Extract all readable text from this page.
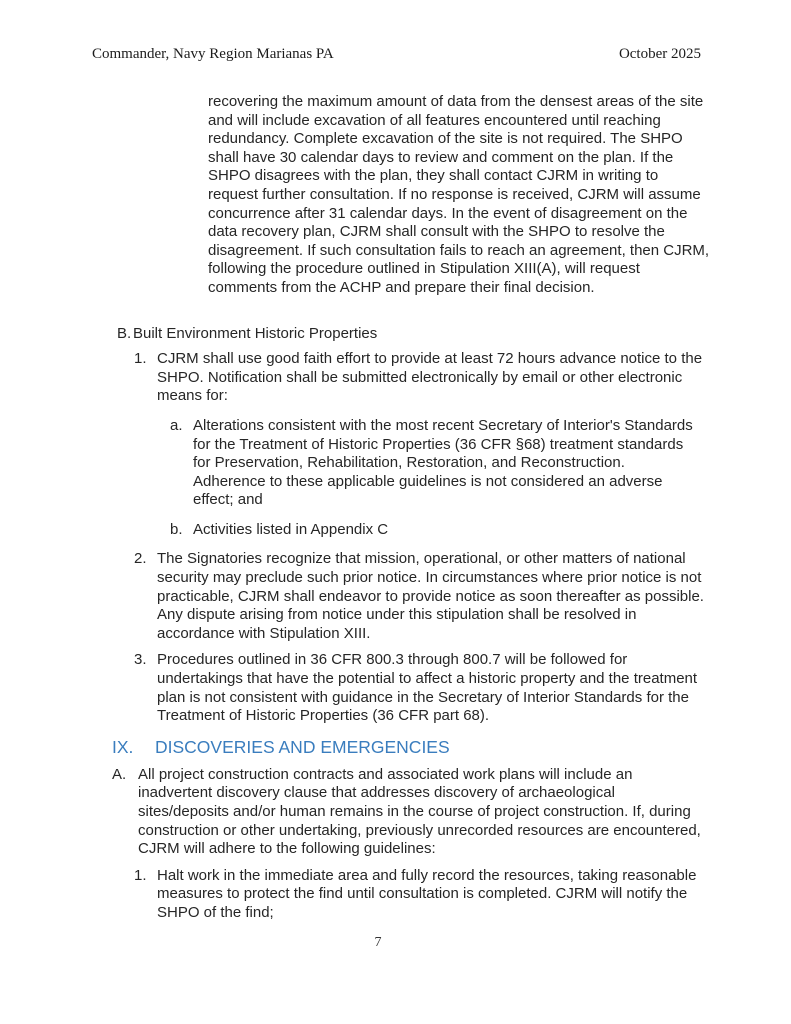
Commander, Navy Region Marianas PA	October 2025

recovering the maximum amount of data from the densest areas of the site and will include excavation of all features encountered until reaching redundancy. Complete excavation of the site is not required. The SHPO shall have 30 calendar days to review and comment on the plan. If the SHPO disagrees with the plan, they shall contact CJRM in writing to request further consultation. If no response is received, CJRM will assume concurrence after 31 calendar days. In the event of disagreement on the data recovery plan, CJRM shall consult with the SHPO to resolve the disagreement. If such consultation fails to reach an agreement, then CJRM, following the procedure outlined in Stipulation XIII(A), will request comments from the ACHP and prepare their final decision.

B. Built Environment Historic Properties
1. CJRM shall use good faith effort to provide at least 72 hours advance notice to the SHPO. Notification shall be submitted electronically by email or other electronic means for:
a. Alterations consistent with the most recent Secretary of Interior's Standards for the Treatment of Historic Properties (36 CFR §68) treatment standards for Preservation, Rehabilitation, Restoration, and Reconstruction. Adherence to these applicable guidelines is not considered an adverse effect; and
b. Activities listed in Appendix C
2. The Signatories recognize that mission, operational, or other matters of national security may preclude such prior notice. In circumstances where prior notice is not practicable, CJRM shall endeavor to provide notice as soon thereafter as possible. Any dispute arising from notice under this stipulation shall be resolved in accordance with Stipulation XIII.
3. Procedures outlined in 36 CFR 800.3 through 800.7 will be followed for undertakings that have the potential to affect a historic property and the treatment plan is not consistent with guidance in the Secretary of Interior Standards for the Treatment of Historic Properties (36 CFR part 68).
IX.	DISCOVERIES AND EMERGENCIES
A. All project construction contracts and associated work plans will include an inadvertent discovery clause that addresses discovery of archaeological sites/deposits and/or human remains in the course of project construction. If, during construction or other undertaking, previously unrecorded resources are encountered, CJRM will adhere to the following guidelines:
1. Halt work in the immediate area and fully record the resources, taking reasonable measures to protect the find until consultation is completed. CJRM will notify the SHPO of the find;
7
